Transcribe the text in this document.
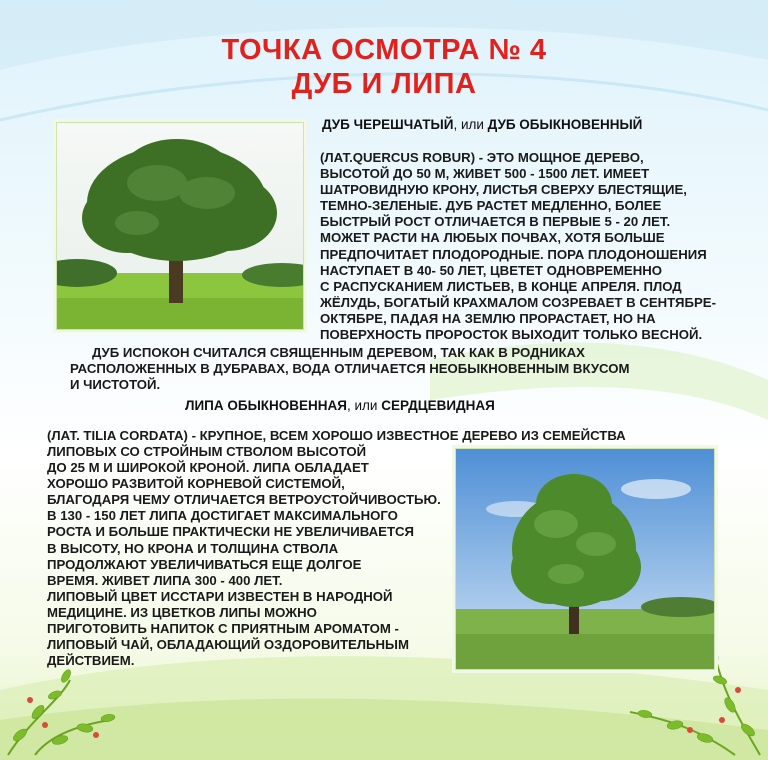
ТОЧКА ОСМОТРА № 4
ДУБ И ЛИПА
ДУБ ЧЕРЕШЧАТЫЙ, или ДУБ ОБЫКНОВЕННЫЙ
(ЛАТ.QUERCUS ROBUR) - ЭТО МОЩНОЕ ДЕРЕВО,
ВЫСОТОЙ ДО 50 М, ЖИВЕТ 500 - 1500 ЛЕТ. ИМЕЕТ
ШАТРОВИДНУЮ КРОНУ, ЛИСТЬЯ СВЕРХУ БЛЕСТЯЩИЕ,
ТЕМНО-ЗЕЛЕНЫЕ. ДУБ РАСТЕТ МЕДЛЕННО, БОЛЕЕ
БЫСТРЫЙ РОСТ ОТЛИЧАЕТСЯ В ПЕРВЫЕ 5 - 20 ЛЕТ.
МОЖЕТ РАСТИ НА ЛЮБЫХ ПОЧВАХ, ХОТЯ БОЛЬШЕ
ПРЕДПОЧИТАЕТ ПЛОДОРОДНЫЕ. ПОРА ПЛОДОНОШЕНИЯ
НАСТУПАЕТ В 40- 50 ЛЕТ, ЦВЕТЕТ ОДНОВРЕМЕННО
С РАСПУСКАНИЕМ ЛИСТЬЕВ, В КОНЦЕ АПРЕЛЯ. ПЛОД
ЖЁЛУДЬ, БОГАТЫЙ КРАХМАЛОМ СОЗРЕВАЕТ В СЕНТЯБРЕ-
ОКТЯБРЕ, ПАДАЯ НА ЗЕМЛЮ ПРОРАСТАЕТ, НО НА
ПОВЕРХНОСТЬ ПРОРОСТОК ВЫХОДИТ ТОЛЬКО ВЕСНОЙ.
ДУБ ИСПОКОН СЧИТАЛСЯ СВЯЩЕННЫМ ДЕРЕВОМ, ТАК КАК В РОДНИКАХ
РАСПОЛОЖЕННЫХ В ДУБРАВАХ, ВОДА ОТЛИЧАЕТСЯ НЕОБЫКНОВЕННЫМ ВКУСОМ
И ЧИСТОТОЙ.
ЛИПА ОБЫКНОВЕННАЯ, или СЕРДЦЕВИДНАЯ
(ЛАТ. TILIA CORDATA) - КРУПНОЕ, ВСЕМ ХОРОШО ИЗВЕСТНОЕ ДЕРЕВО ИЗ СЕМЕЙСТВА
ЛИПОВЫХ СО СТРОЙНЫМ СТВОЛОМ ВЫСОТОЙ
ДО 25 М И ШИРОКОЙ КРОНОЙ. ЛИПА ОБЛАДАЕТ
ХОРОШО РАЗВИТОЙ КОРНЕВОЙ СИСТЕМОЙ,
БЛАГОДАРЯ ЧЕМУ ОТЛИЧАЕТСЯ ВЕТРОУСТОЙЧИВОСТЬЮ.
В 130 - 150 ЛЕТ ЛИПА ДОСТИГАЕТ МАКСИМАЛЬНОГО
РОСТА И БОЛЬШЕ ПРАКТИЧЕСКИ НЕ УВЕЛИЧИВАЕТСЯ
В ВЫСОТУ, НО КРОНА И ТОЛЩИНА СТВОЛА
ПРОДОЛЖАЮТ УВЕЛИЧИВАТЬСЯ ЕЩЕ ДОЛГОЕ
ВРЕМЯ. ЖИВЕТ ЛИПА 300 - 400 ЛЕТ.
ЛИПОВЫЙ ЦВЕТ ИССТАРИ ИЗВЕСТЕН В НАРОДНОЙ
МЕДИЦИНЕ. ИЗ ЦВЕТКОВ ЛИПЫ МОЖНО
ПРИГОТОВИТЬ НАПИТОК С ПРИЯТНЫМ АРОМАТОМ -
ЛИПОВЫЙ ЧАЙ, ОБЛАДАЮЩИЙ ОЗДОРОВИТЕЛЬНЫМ
ДЕЙСТВИЕМ.
